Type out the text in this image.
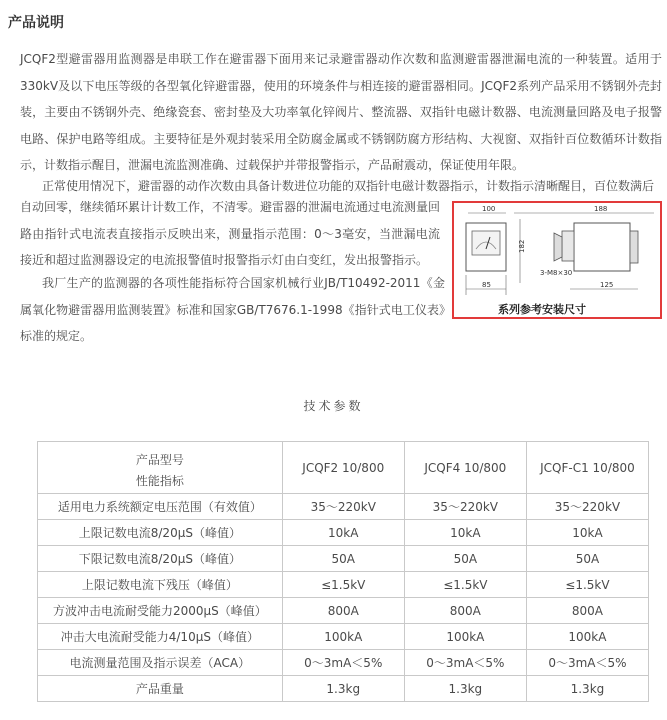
产品说明
JCQF2型避雷器用监测器是串联工作在避雷器下面用来记录避雷器动作次数和监测避雷器泄漏电流的一种装置。适用于330kV及以下电压等级的各型氧化锌避雷器，使用的环境条件与相连接的避雷器相同。JCQF2系列产品采用不锈钢外壳封装，主要由不锈钢外壳、绝缘瓷套、密封垫及大功率氧化锌阀片、整流器、双指针电磁计数器、电流测量回路及电子报警电路、保护电路等组成。主要特征是外观封装采用全防腐金属或不锈钢防腐方形结构、大视窗、双指针百位数循环计数指示，计数指示醒目，泄漏电流监测准确、过载保护并带报警指示，产品耐震动，保证使用年限。
正常使用情况下，避雷器的动作次数由具备计数进位功能的双指针电磁计数器指示，计数指示清晰醒目，百位数满后
自动回零，继续循环累计计数工作，不清零。避雷器的泄漏电流通过电流测量回路由指针式电流表直接指示反映出来，测量指示范围：0～3毫安，当泄漏电流接近和超过监测器设定的电流报警值时报警指示灯由白变红，发出报警指示。
我厂生产的监测器的各项性能指标符合国家机械行业JB/T10492-2011《金属氧化物避雷器用监测装置》标准和国家GB/T7676.1-1998《指针式电工仪表》标准的规定。
100	188
182
85	125
3-M8×30
系列参考安装尺寸
技术参数
产品型号
性能指标	JCQF2 10/800	JCQF4 10/800	JCQF-C1 10/800
适用电力系统额定电压范围（有效值）	35～220kV	35～220kV	35～220kV
上限记数电流8/20μS（峰值）	10kA	10kA	10kA
下限记数电流8/20μS（峰值）	50A	50A	50A
上限记数电流下残压（峰值）	≤1.5kV	≤1.5kV	≤1.5kV
方波冲击电流耐受能力2000μS（峰值）	800A	800A	800A
冲击大电流耐受能力4/10μS（峰值）	100kA	100kA	100kA
电流测量范围及指示误差（ACA）	0～3mA＜5%	0～3mA＜5%	0～3mA＜5%
产品重量	1.3kg	1.3kg	1.3kg
